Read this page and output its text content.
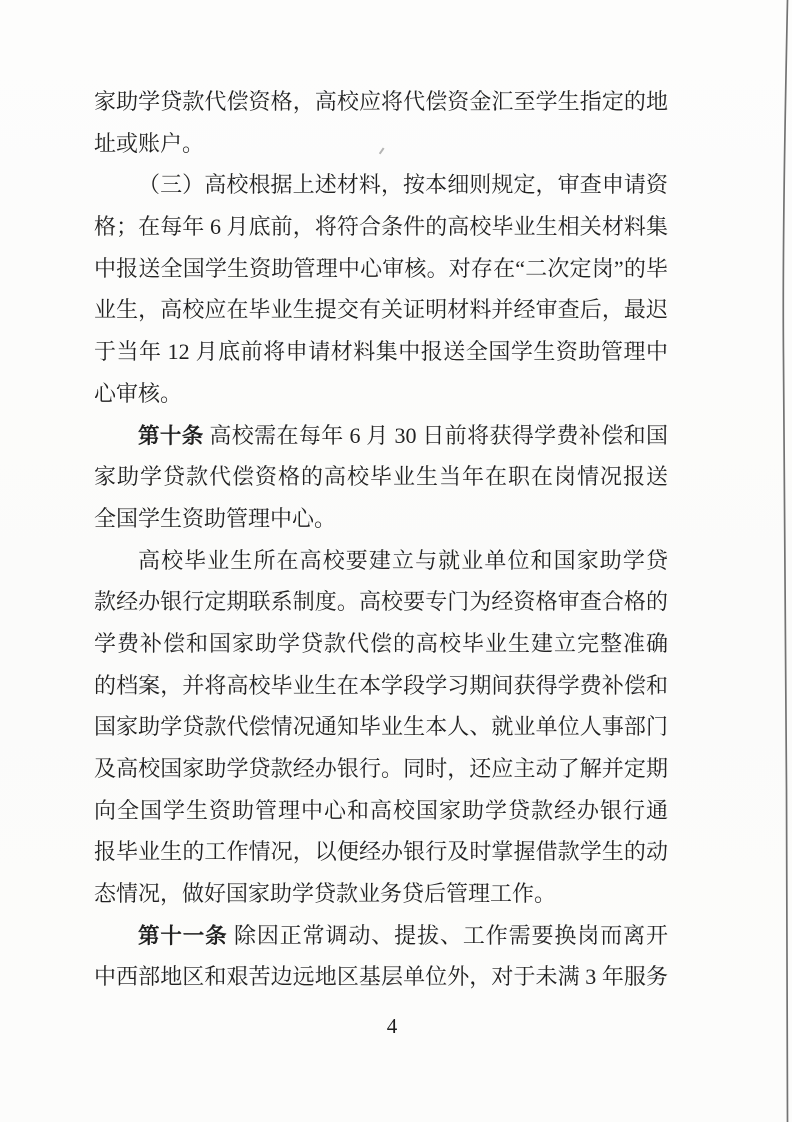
家助学贷款代偿资格，高校应将代偿资金汇至学生指定的地
址或账户。
（三）高校根据上述材料，按本细则规定，审查申请资
格；在每年 6 月底前，将符合条件的高校毕业生相关材料集
中报送全国学生资助管理中心审核。对存在“二次定岗”的毕
业生，高校应在毕业生提交有关证明材料并经审查后，最迟
于当年 12 月底前将申请材料集中报送全国学生资助管理中
心审核。
第十条 高校需在每年 6 月 30 日前将获得学费补偿和国
家助学贷款代偿资格的高校毕业生当年在职在岗情况报送
全国学生资助管理中心。
高校毕业生所在高校要建立与就业单位和国家助学贷
款经办银行定期联系制度。高校要专门为经资格审查合格的
学费补偿和国家助学贷款代偿的高校毕业生建立完整准确
的档案，并将高校毕业生在本学段学习期间获得学费补偿和
国家助学贷款代偿情况通知毕业生本人、就业单位人事部门
及高校国家助学贷款经办银行。同时，还应主动了解并定期
向全国学生资助管理中心和高校国家助学贷款经办银行通
报毕业生的工作情况，以便经办银行及时掌握借款学生的动
态情况，做好国家助学贷款业务贷后管理工作。
第十一条 除因正常调动、提拔、工作需要换岗而离开
中西部地区和艰苦边远地区基层单位外，对于未满 3 年服务
4
